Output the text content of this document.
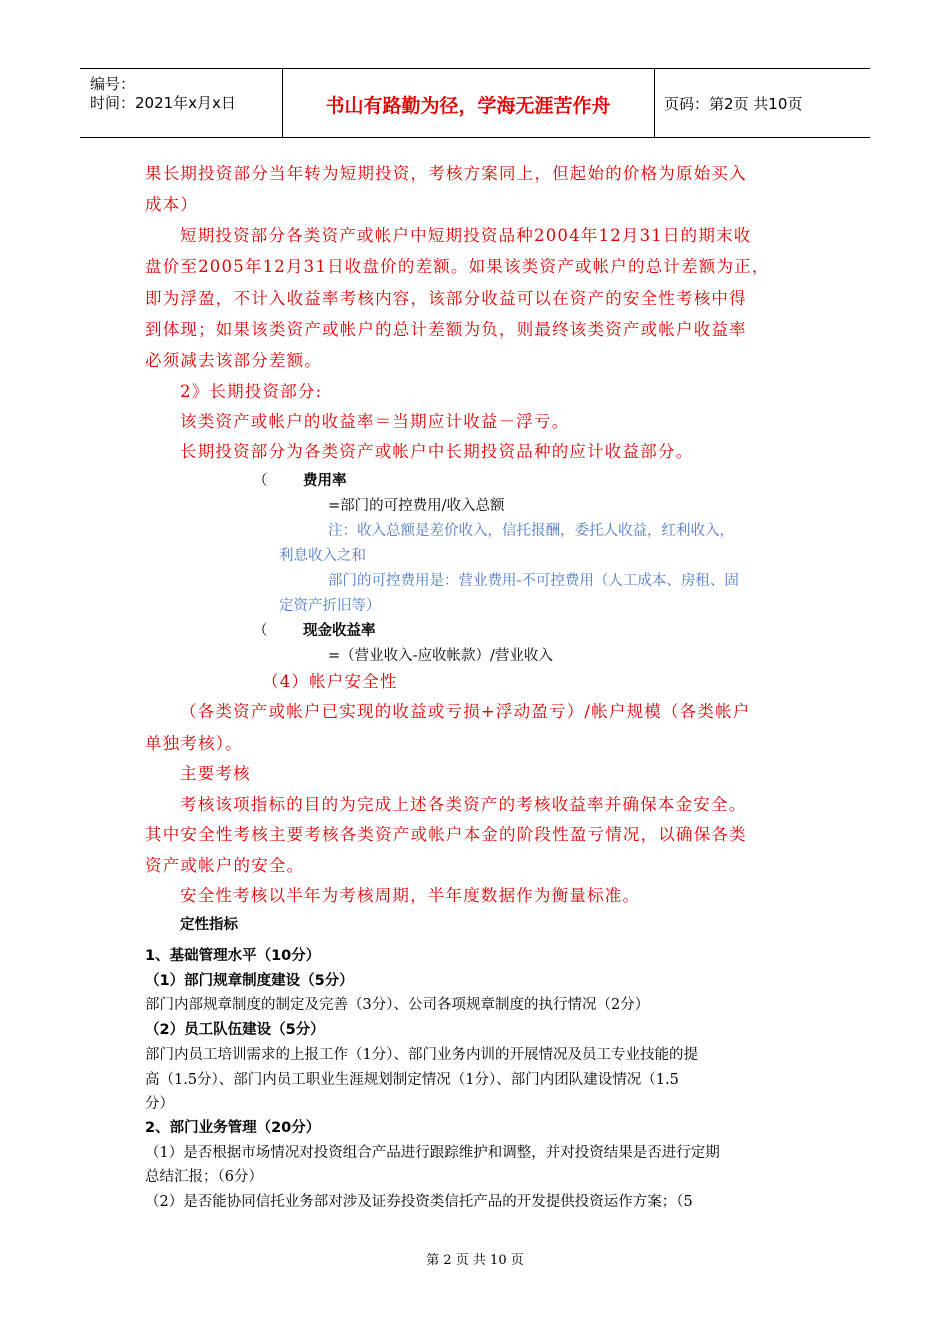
编号：
时间：2021年x月x日	书山有路勤为径，学海无涯苦作舟	页码：第2页 共10页
果长期投资部分当年转为短期投资，考核方案同上，但起始的价格为原始买入
成本）
短期投资部分各类资产或帐户中短期投资品种2004年12月31日的期末收
盘价至2005年12月31日收盘价的差额。如果该类资产或帐户的总计差额为正，
即为浮盈，不计入收益率考核内容，该部分收益可以在资产的安全性考核中得
到体现；如果该类资产或帐户的总计差额为负，则最终该类资产或帐户收益率
必须减去该部分差额。
2》长期投资部分:
该类资产或帐户的收益率＝当期应计收益－浮亏。
长期投资部分为各类资产或帐户中长期投资品种的应计收益部分。
（ 费用率
=部门的可控费用/收入总额
注：收入总额是差价收入，信托报酬，委托人收益，红利收入，
利息收入之和
部门的可控费用是：营业费用-不可控费用（人工成本、房租、固
定资产折旧等）
（ 现金收益率
=（营业收入-应收帐款）/营业收入
（4）帐户安全性
（各类资产或帐户已实现的收益或亏损+浮动盈亏）/帐户规模（各类帐户
单独考核）。
主要考核
考核该项指标的目的为完成上述各类资产的考核收益率并确保本金安全。
其中安全性考核主要考核各类资产或帐户本金的阶段性盈亏情况，以确保各类
资产或帐户的安全。
安全性考核以半年为考核周期，半年度数据作为衡量标准。
定性指标
1、基础管理水平（10分）
（1）部门规章制度建设（5分）
部门内部规章制度的制定及完善（3分）、公司各项规章制度的执行情况（2分）
（2）员工队伍建设（5分）
部门内员工培训需求的上报工作（1分）、部门业务内训的开展情况及员工专业技能的提
高（1.5分）、部门内员工职业生涯规划制定情况（1分）、部门内团队建设情况（1.5
分）
2、部门业务管理（20分）
（1）是否根据市场情况对投资组合产品进行跟踪维护和调整，并对投资结果是否进行定期
总结汇报；（6分）
（2）是否能协同信托业务部对涉及证券投资类信托产品的开发提供投资运作方案；（5
第 2 页 共 10 页
